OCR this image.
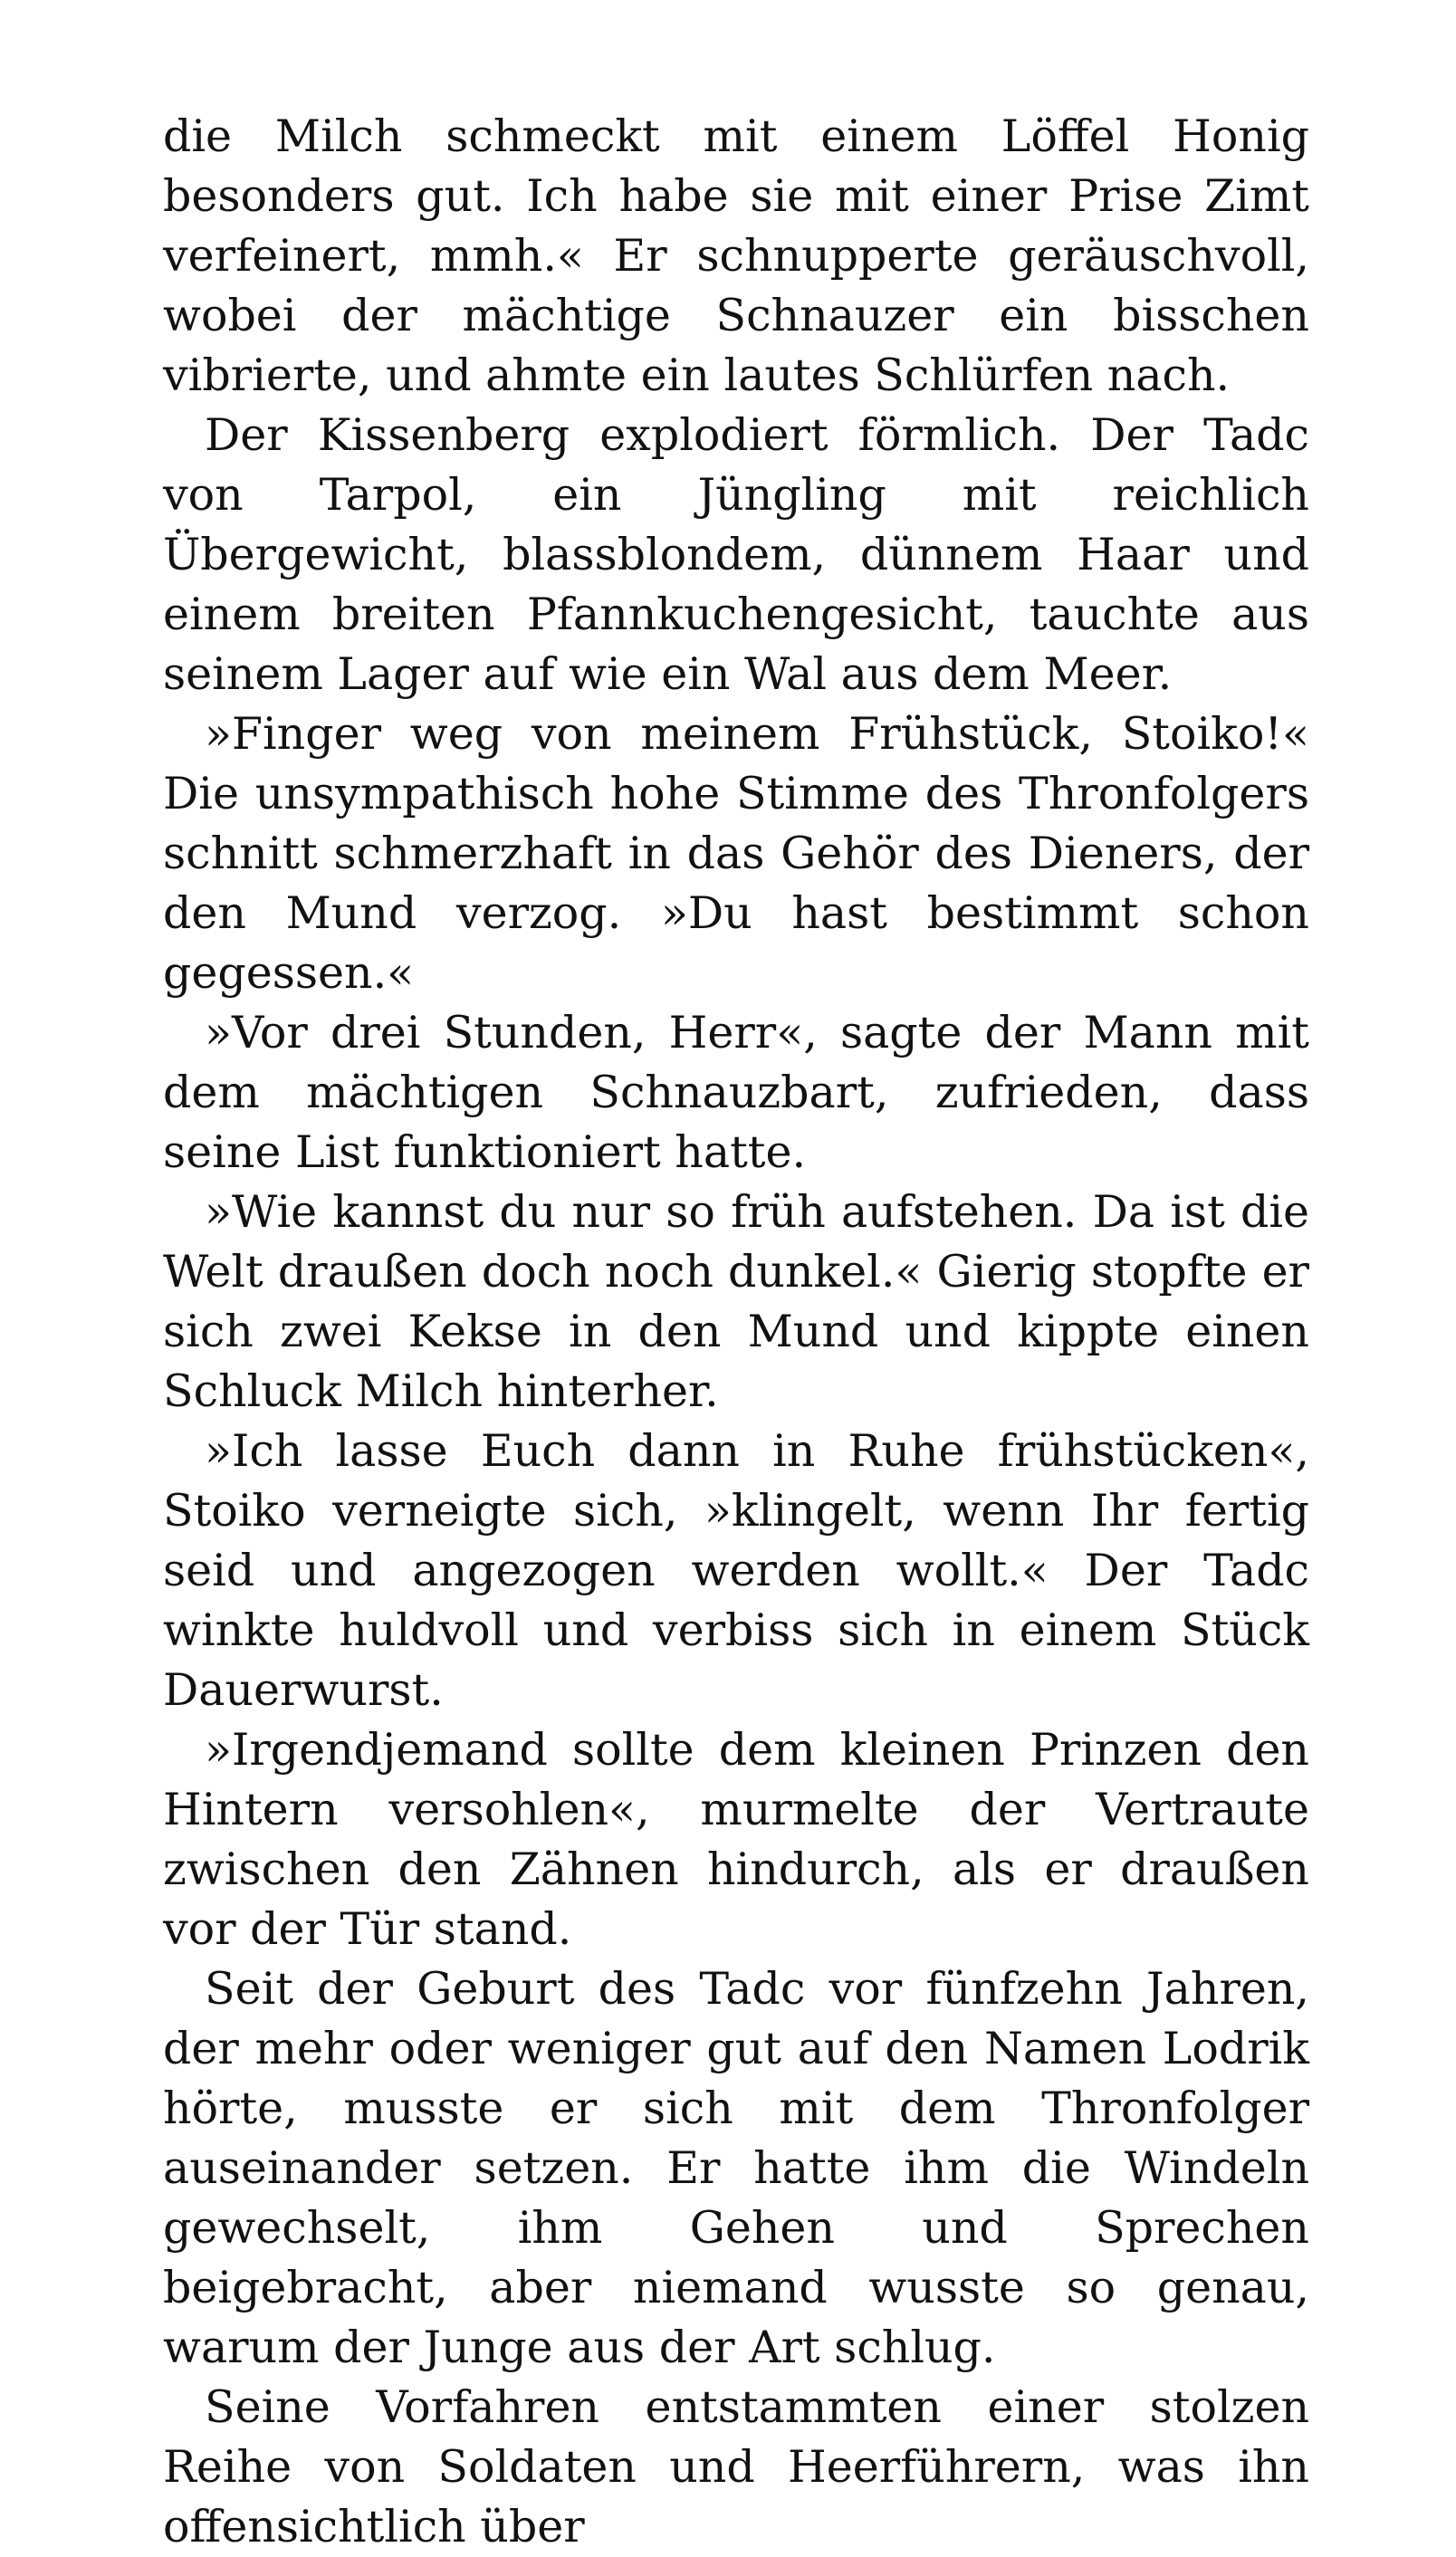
die Milch schmeckt mit einem Löffel Honig besonders gut. Ich habe sie mit einer Prise Zimt verfeinert, mmh.« Er schnupperte geräuschvoll, wobei der mächtige Schnauzer ein bisschen vibrierte, und ahmte ein lautes Schlürfen nach.

Der Kissenberg explodiert förmlich. Der Tadc von Tarpol, ein Jüngling mit reichlich Übergewicht, blassblondem, dünnem Haar und einem breiten Pfannkuchengesicht, tauchte aus seinem Lager auf wie ein Wal aus dem Meer.

»Finger weg von meinem Frühstück, Stoiko!« Die unsympathisch hohe Stimme des Thronfolgers schnitt schmerzhaft in das Gehör des Dieners, der den Mund verzog. »Du hast bestimmt schon gegessen.«

»Vor drei Stunden, Herr«, sagte der Mann mit dem mächtigen Schnauzbart, zufrieden, dass seine List funktioniert hatte.

»Wie kannst du nur so früh aufstehen. Da ist die Welt draußen doch noch dunkel.« Gierig stopfte er sich zwei Kekse in den Mund und kippte einen Schluck Milch hinterher.

»Ich lasse Euch dann in Ruhe frühstücken«, Stoiko verneigte sich, »klingelt, wenn Ihr fertig seid und angezogen werden wollt.« Der Tadc winkte huldvoll und verbiss sich in einem Stück Dauerwurst.

»Irgendjemand sollte dem kleinen Prinzen den Hintern versohlen«, murmelte der Vertraute zwischen den Zähnen hindurch, als er draußen vor der Tür stand.

Seit der Geburt des Tadc vor fünfzehn Jahren, der mehr oder weniger gut auf den Namen Lodrik hörte, musste er sich mit dem Thronfolger auseinander setzen. Er hatte ihm die Windeln gewechselt, ihm Gehen und Sprechen beigebracht, aber niemand wusste so genau, warum der Junge aus der Art schlug.

Seine Vorfahren entstammten einer stolzen Reihe von Soldaten und Heerführern, was ihn offensichtlich über
